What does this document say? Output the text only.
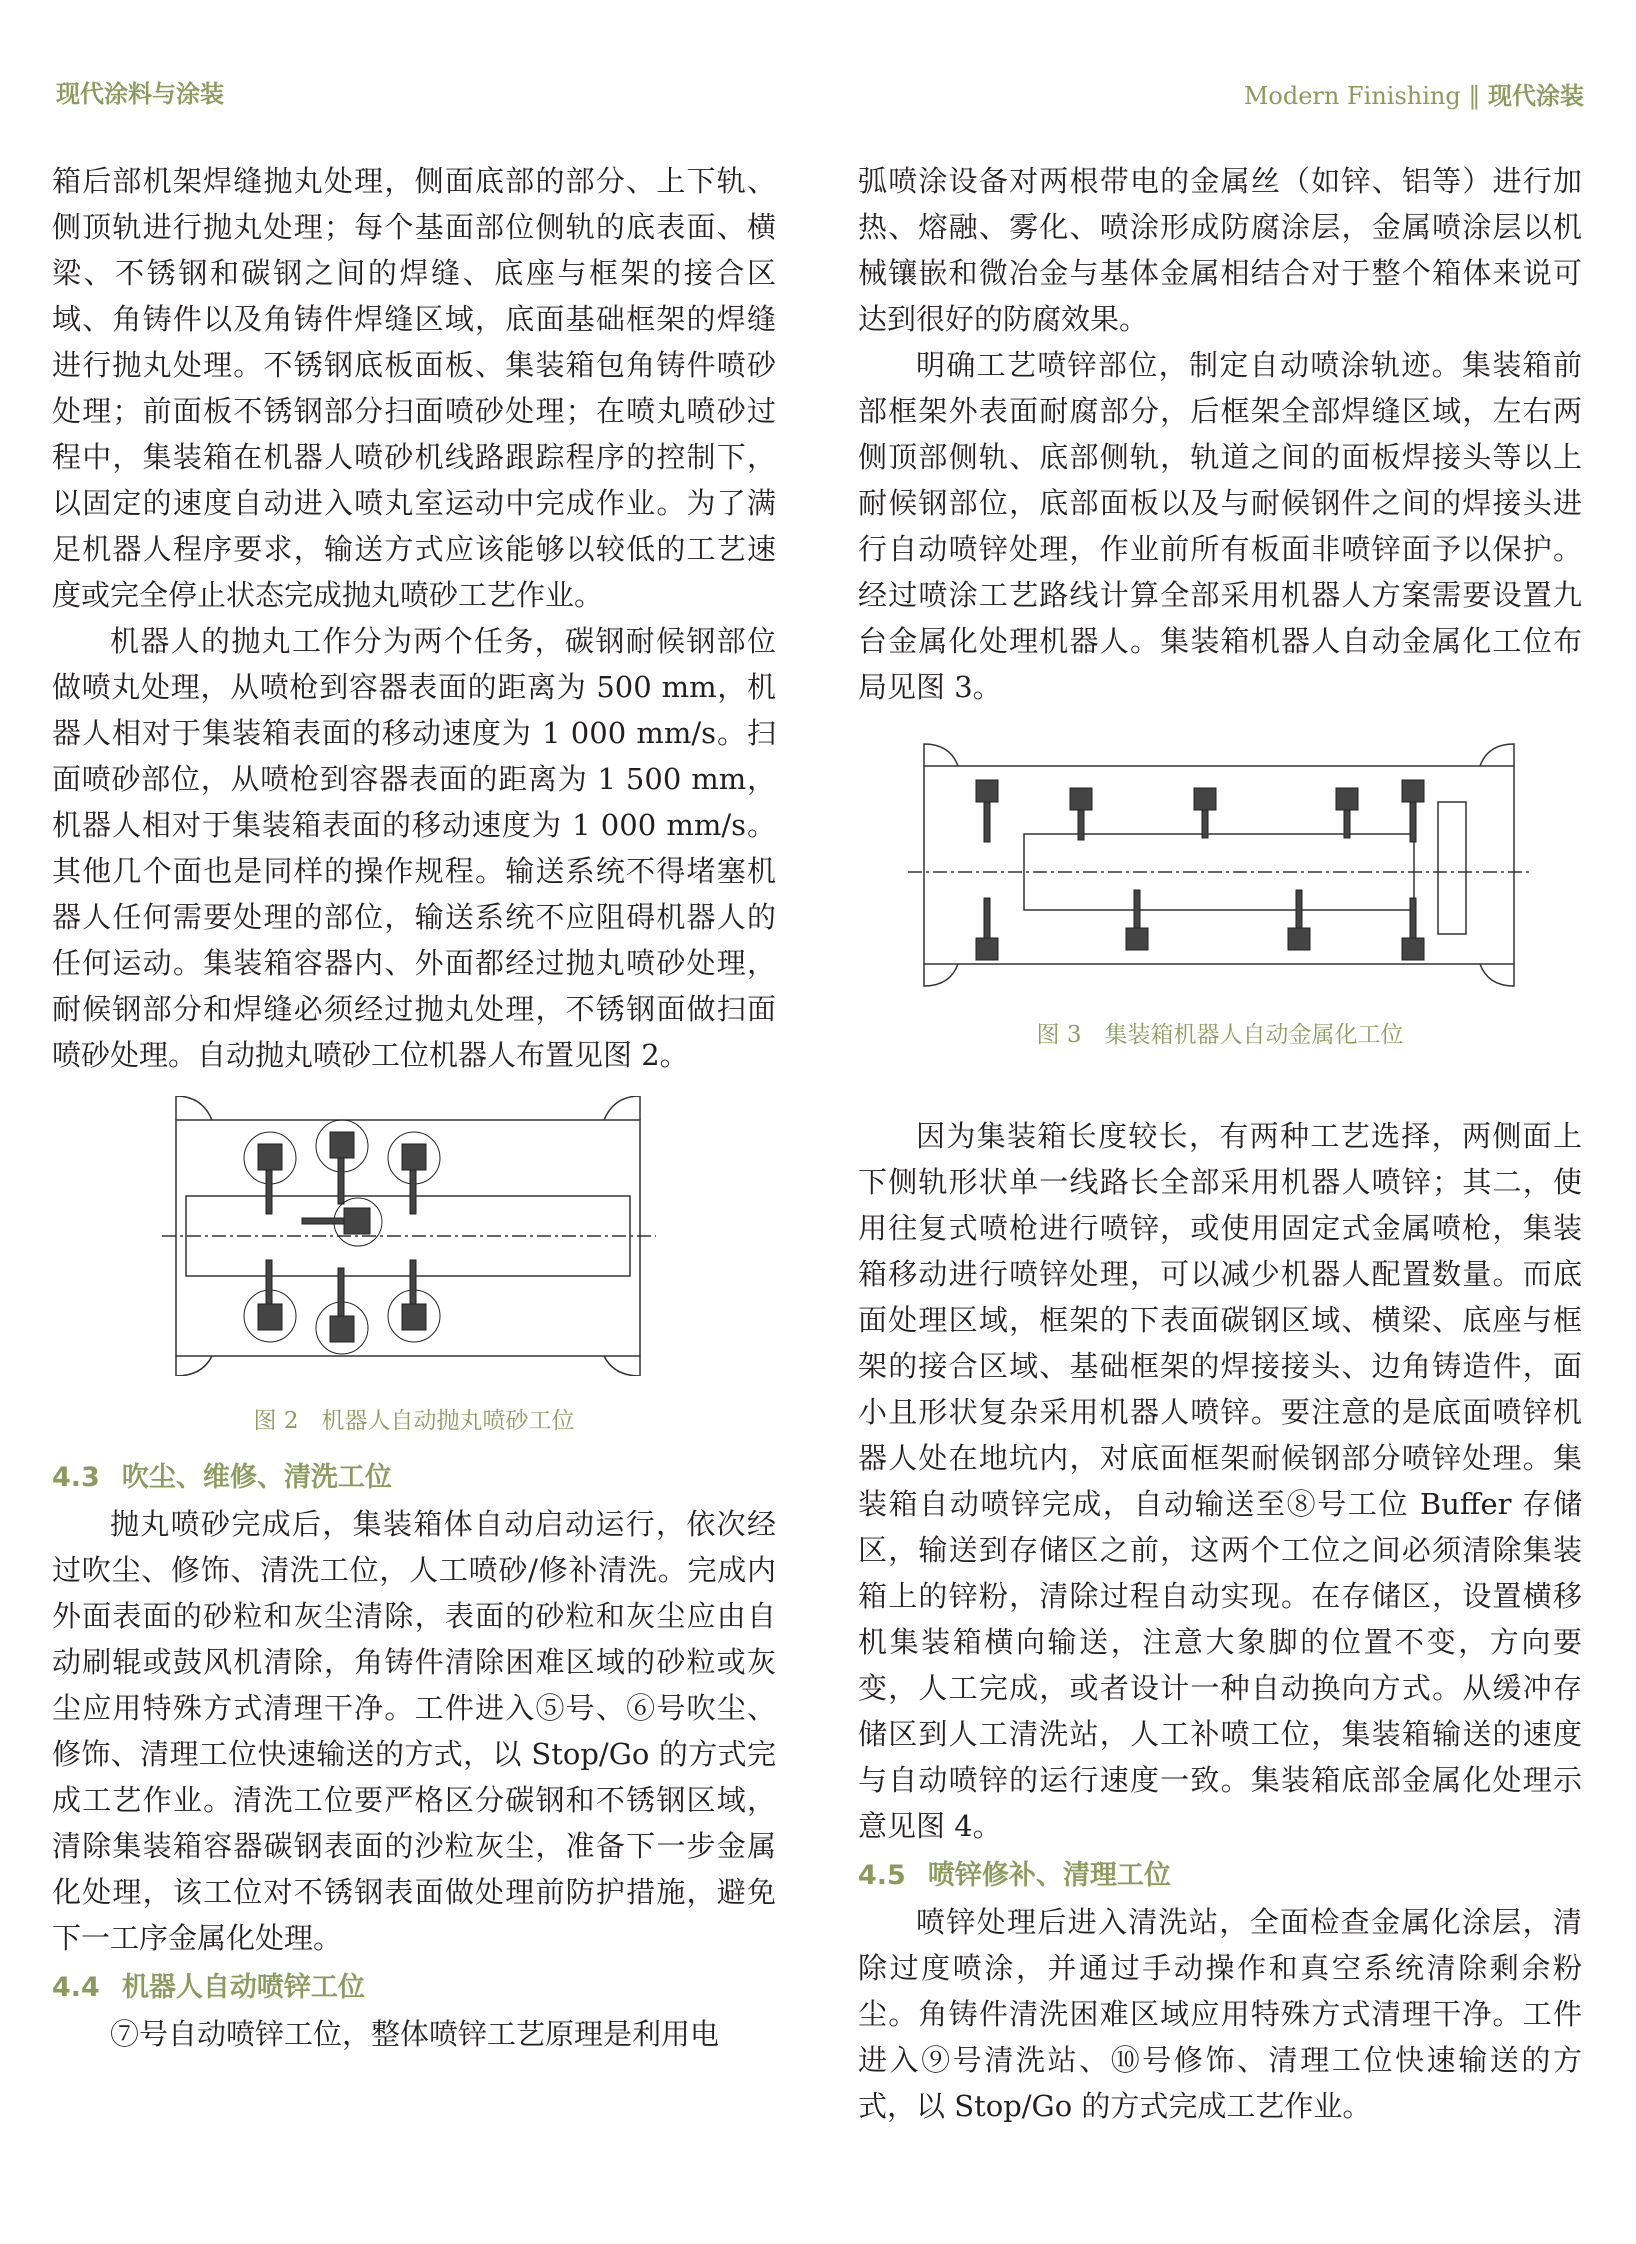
现代涂料与涂装	Modern Finishing ‖ 现代涂装

箱后部机架焊缝抛丸处理，侧面底部的部分、上下轨、侧顶轨进行抛丸处理；每个基面部位侧轨的底表面、横梁、不锈钢和碳钢之间的焊缝、底座与框架的接合区域、角铸件以及角铸件焊缝区域，底面基础框架的焊缝进行抛丸处理。不锈钢底板面板、集装箱包角铸件喷砂处理；前面板不锈钢部分扫面喷砂处理；在喷丸喷砂过程中，集装箱在机器人喷砂机线路跟踪程序的控制下，以固定的速度自动进入喷丸室运动中完成作业。为了满足机器人程序要求，输送方式应该能够以较低的工艺速度或完全停止状态完成抛丸喷砂工艺作业。

机器人的抛丸工作分为两个任务，碳钢耐候钢部位做喷丸处理，从喷枪到容器表面的距离为 500 mm，机器人相对于集装箱表面的移动速度为 1 000 mm/s。扫面喷砂部位，从喷枪到容器表面的距离为 1 500 mm，机器人相对于集装箱表面的移动速度为 1 000 mm/s。其他几个面也是同样的操作规程。输送系统不得堵塞机器人任何需要处理的部位，输送系统不应阻碍机器人的任何运动。集装箱容器内、外面都经过抛丸喷砂处理，耐候钢部分和焊缝必须经过抛丸处理，不锈钢面做扫面喷砂处理。自动抛丸喷砂工位机器人布置见图 2。

图 2　机器人自动抛丸喷砂工位
4.3 吹尘、维修、清洗工位

抛丸喷砂完成后，集装箱体自动启动运行，依次经过吹尘、修饰、清洗工位，人工喷砂/修补清洗。完成内外面表面的砂粒和灰尘清除，表面的砂粒和灰尘应由自动刷辊或鼓风机清除，角铸件清除困难区域的砂粒或灰尘应用特殊方式清理干净。工件进入⑤号、⑥号吹尘、修饰、清理工位快速输送的方式，以 Stop/Go 的方式完成工艺作业。清洗工位要严格区分碳钢和不锈钢区域，清除集装箱容器碳钢表面的沙粒灰尘，准备下一步金属化处理，该工位对不锈钢表面做处理前防护措施，避免下一工序金属化处理。

4.4 机器人自动喷锌工位

⑦号自动喷锌工位，整体喷锌工艺原理是利用电

弧喷涂设备对两根带电的金属丝（如锌、铝等）进行加热、熔融、雾化、喷涂形成防腐涂层，金属喷涂层以机械镶嵌和微冶金与基体金属相结合对于整个箱体来说可达到很好的防腐效果。

明确工艺喷锌部位，制定自动喷涂轨迹。集装箱前部框架外表面耐腐部分，后框架全部焊缝区域，左右两侧顶部侧轨、底部侧轨，轨道之间的面板焊接头等以上耐候钢部位，底部面板以及与耐候钢件之间的焊接头进行自动喷锌处理，作业前所有板面非喷锌面予以保护。经过喷涂工艺路线计算全部采用机器人方案需要设置九台金属化处理机器人。集装箱机器人自动金属化工位布局见图 3。

图 3　集装箱机器人自动金属化工位

因为集装箱长度较长，有两种工艺选择，两侧面上下侧轨形状单一线路长全部采用机器人喷锌；其二，使用往复式喷枪进行喷锌，或使用固定式金属喷枪，集装箱移动进行喷锌处理，可以减少机器人配置数量。而底面处理区域，框架的下表面碳钢区域、横梁、底座与框架的接合区域、基础框架的焊接接头、边角铸造件，面小且形状复杂采用机器人喷锌。要注意的是底面喷锌机器人处在地坑内，对底面框架耐候钢部分喷锌处理。集装箱自动喷锌完成，自动输送至⑧号工位 Buffer 存储区，输送到存储区之前，这两个工位之间必须清除集装箱上的锌粉，清除过程自动实现。在存储区，设置横移机集装箱横向输送，注意大象脚的位置不变，方向要变，人工完成，或者设计一种自动换向方式。从缓冲存储区到人工清洗站，人工补喷工位，集装箱输送的速度与自动喷锌的运行速度一致。集装箱底部金属化处理示意见图 4。

4.5 喷锌修补、清理工位

喷锌处理后进入清洗站，全面检查金属化涂层，清除过度喷涂，并通过手动操作和真空系统清除剩余粉尘。角铸件清洗困难区域应用特殊方式清理干净。工件进入⑨号清洗站、⑩号修饰、清理工位快速输送的方式，以 Stop/Go 的方式完成工艺作业。
